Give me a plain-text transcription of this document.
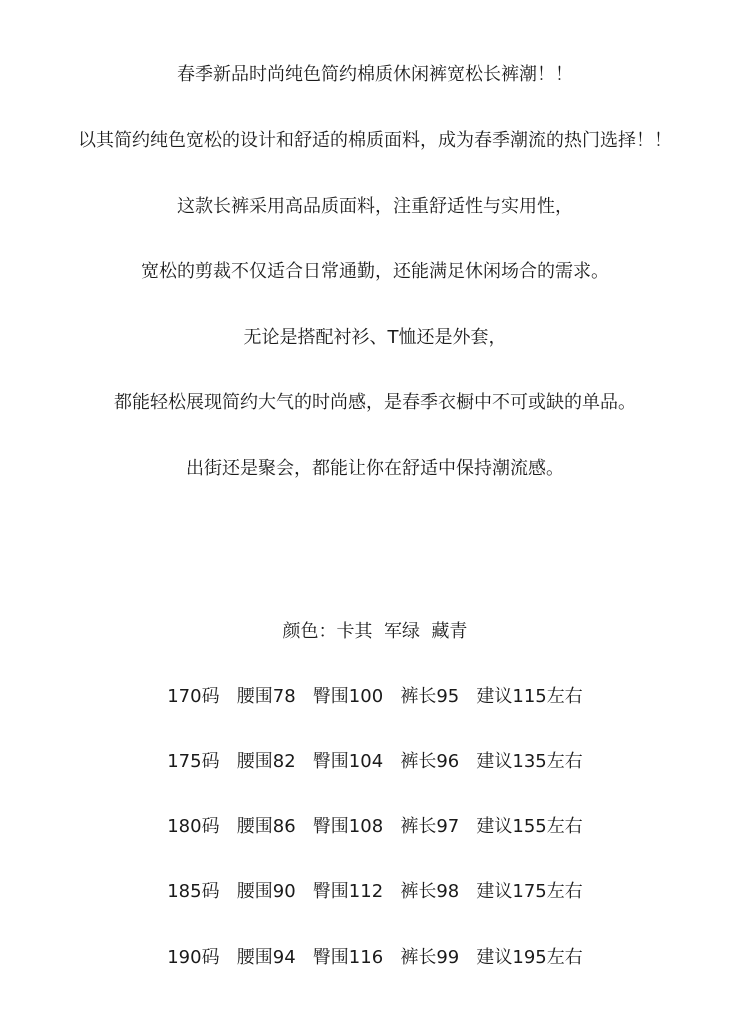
春季新品时尚纯色简约棉质休闲裤宽松长裤潮！！
以其简约纯色宽松的设计和舒适的棉质面料，成为春季潮流的热门选择！！
这款长裤采用高品质面料，注重舒适性与实用性，
宽松的剪裁不仅适合日常通勤，还能满足休闲场合的需求。
无论是搭配衬衫、T恤还是外套，
都能轻松展现简约大气的时尚感，是春季衣橱中不可或缺的单品。
出街还是聚会，都能让你在舒适中保持潮流感。
颜色：卡其  军绿  藏青
170码   腰围78   臀围100   裤长95   建议115左右
175码   腰围82   臀围104   裤长96   建议135左右
180码   腰围86   臀围108   裤长97   建议155左右
185码   腰围90   臀围112   裤长98   建议175左右
190码   腰围94   臀围116   裤长99   建议195左右
